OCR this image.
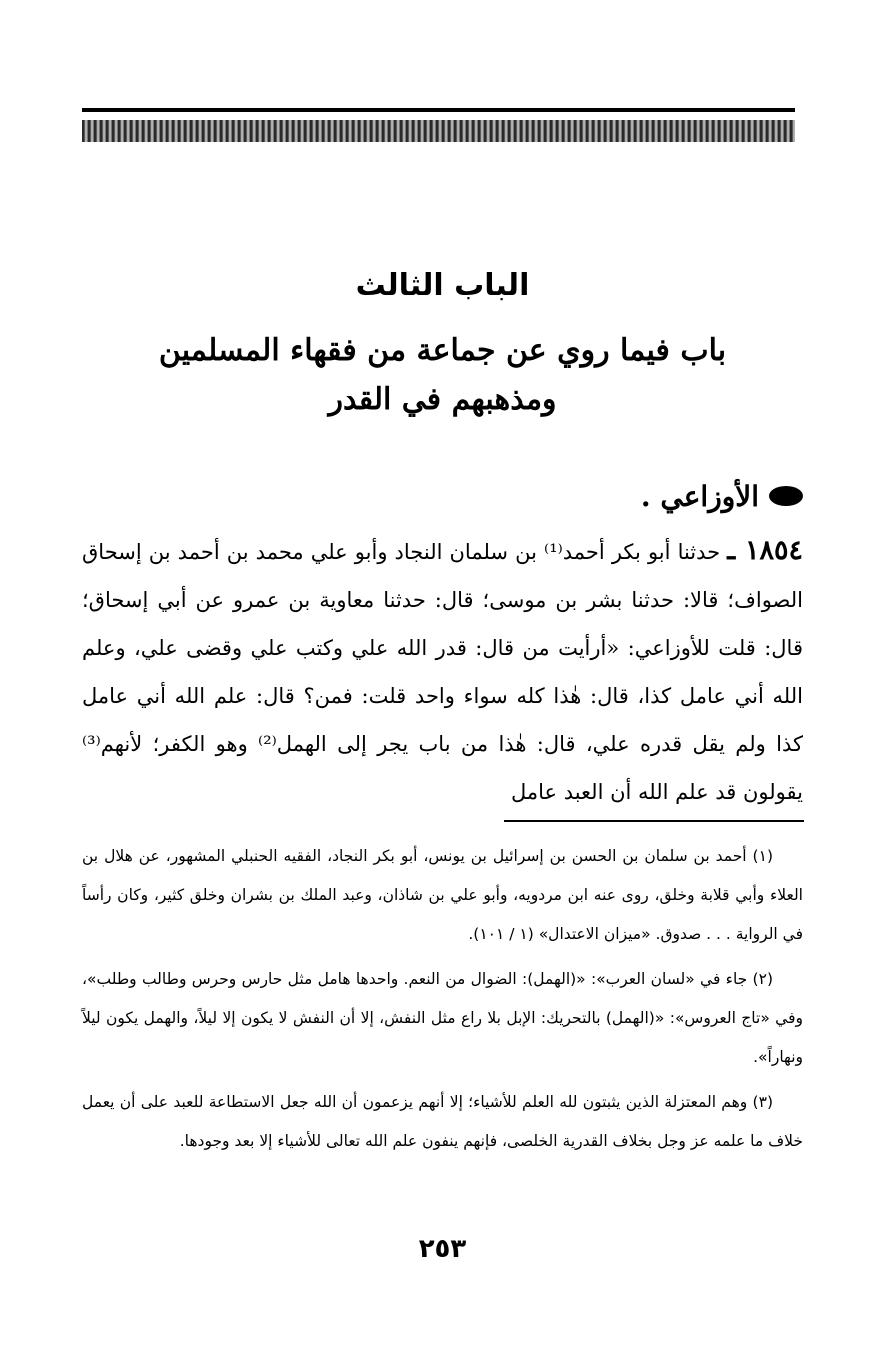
الباب الثالث
باب فيما روي عن جماعة من فقهاء المسلمين
ومذهبهم في القدر
الأوزاعي .

١٨٥٤ ـ حدثنا أبو بكر أحمد⁽¹⁾ بن سلمان النجاد وأبو علي محمد بن أحمد بن إسحاق الصواف؛ قالا: حدثنا بشر بن موسى؛ قال: حدثنا معاوية بن عمرو عن أبي إسحاق؛ قال: قلت للأوزاعي: «أرأيت من قال: قدر الله علي وكتب علي وقضى علي، وعلم الله أني عامل كذا، قال: هٰذا كله سواء واحد قلت: فمن؟ قال: علم الله أني عامل كذا ولم يقل قدره علي، قال: هٰذا من باب يجر إلى الهمل⁽²⁾ وهو الكفر؛ لأنهم⁽³⁾ يقولون قد علم الله أن العبد عامل

(١) أحمد بن سلمان بن الحسن بن إسرائيل بن يونس، أبو بكر النجاد، الفقيه الحنبلي المشهور، عن هلال بن العلاء وأبي قلابة وخلق، روى عنه ابن مردويه، وأبو علي بن شاذان، وعبد الملك بن بشران وخلق كثير، وكان رأساً في الرواية . . . صدوق. «ميزان الاعتدال» (١ / ١٠١).

(٢) جاء في «لسان العرب»: «(الهمل): الضوال من النعم. واحدها هامل مثل حارس وحرس وطالب وطلب»، وفي «تاج العروس»: «(الهمل) بالتحريك: الإبل بلا راع مثل النفش، إلا أن النفش لا يكون إلا ليلاً، والهمل يكون ليلاً ونهاراً».

(٣) وهم المعتزلة الذين يثبتون لله العلم للأشياء؛ إلا أنهم يزعمون أن الله جعل الاستطاعة للعبد على أن يعمل خلاف ما علمه عز وجل بخلاف القدرية الخلصى، فإنهم ينفون علم الله تعالى للأشياء إلا بعد وجودها.

٢٥٣
